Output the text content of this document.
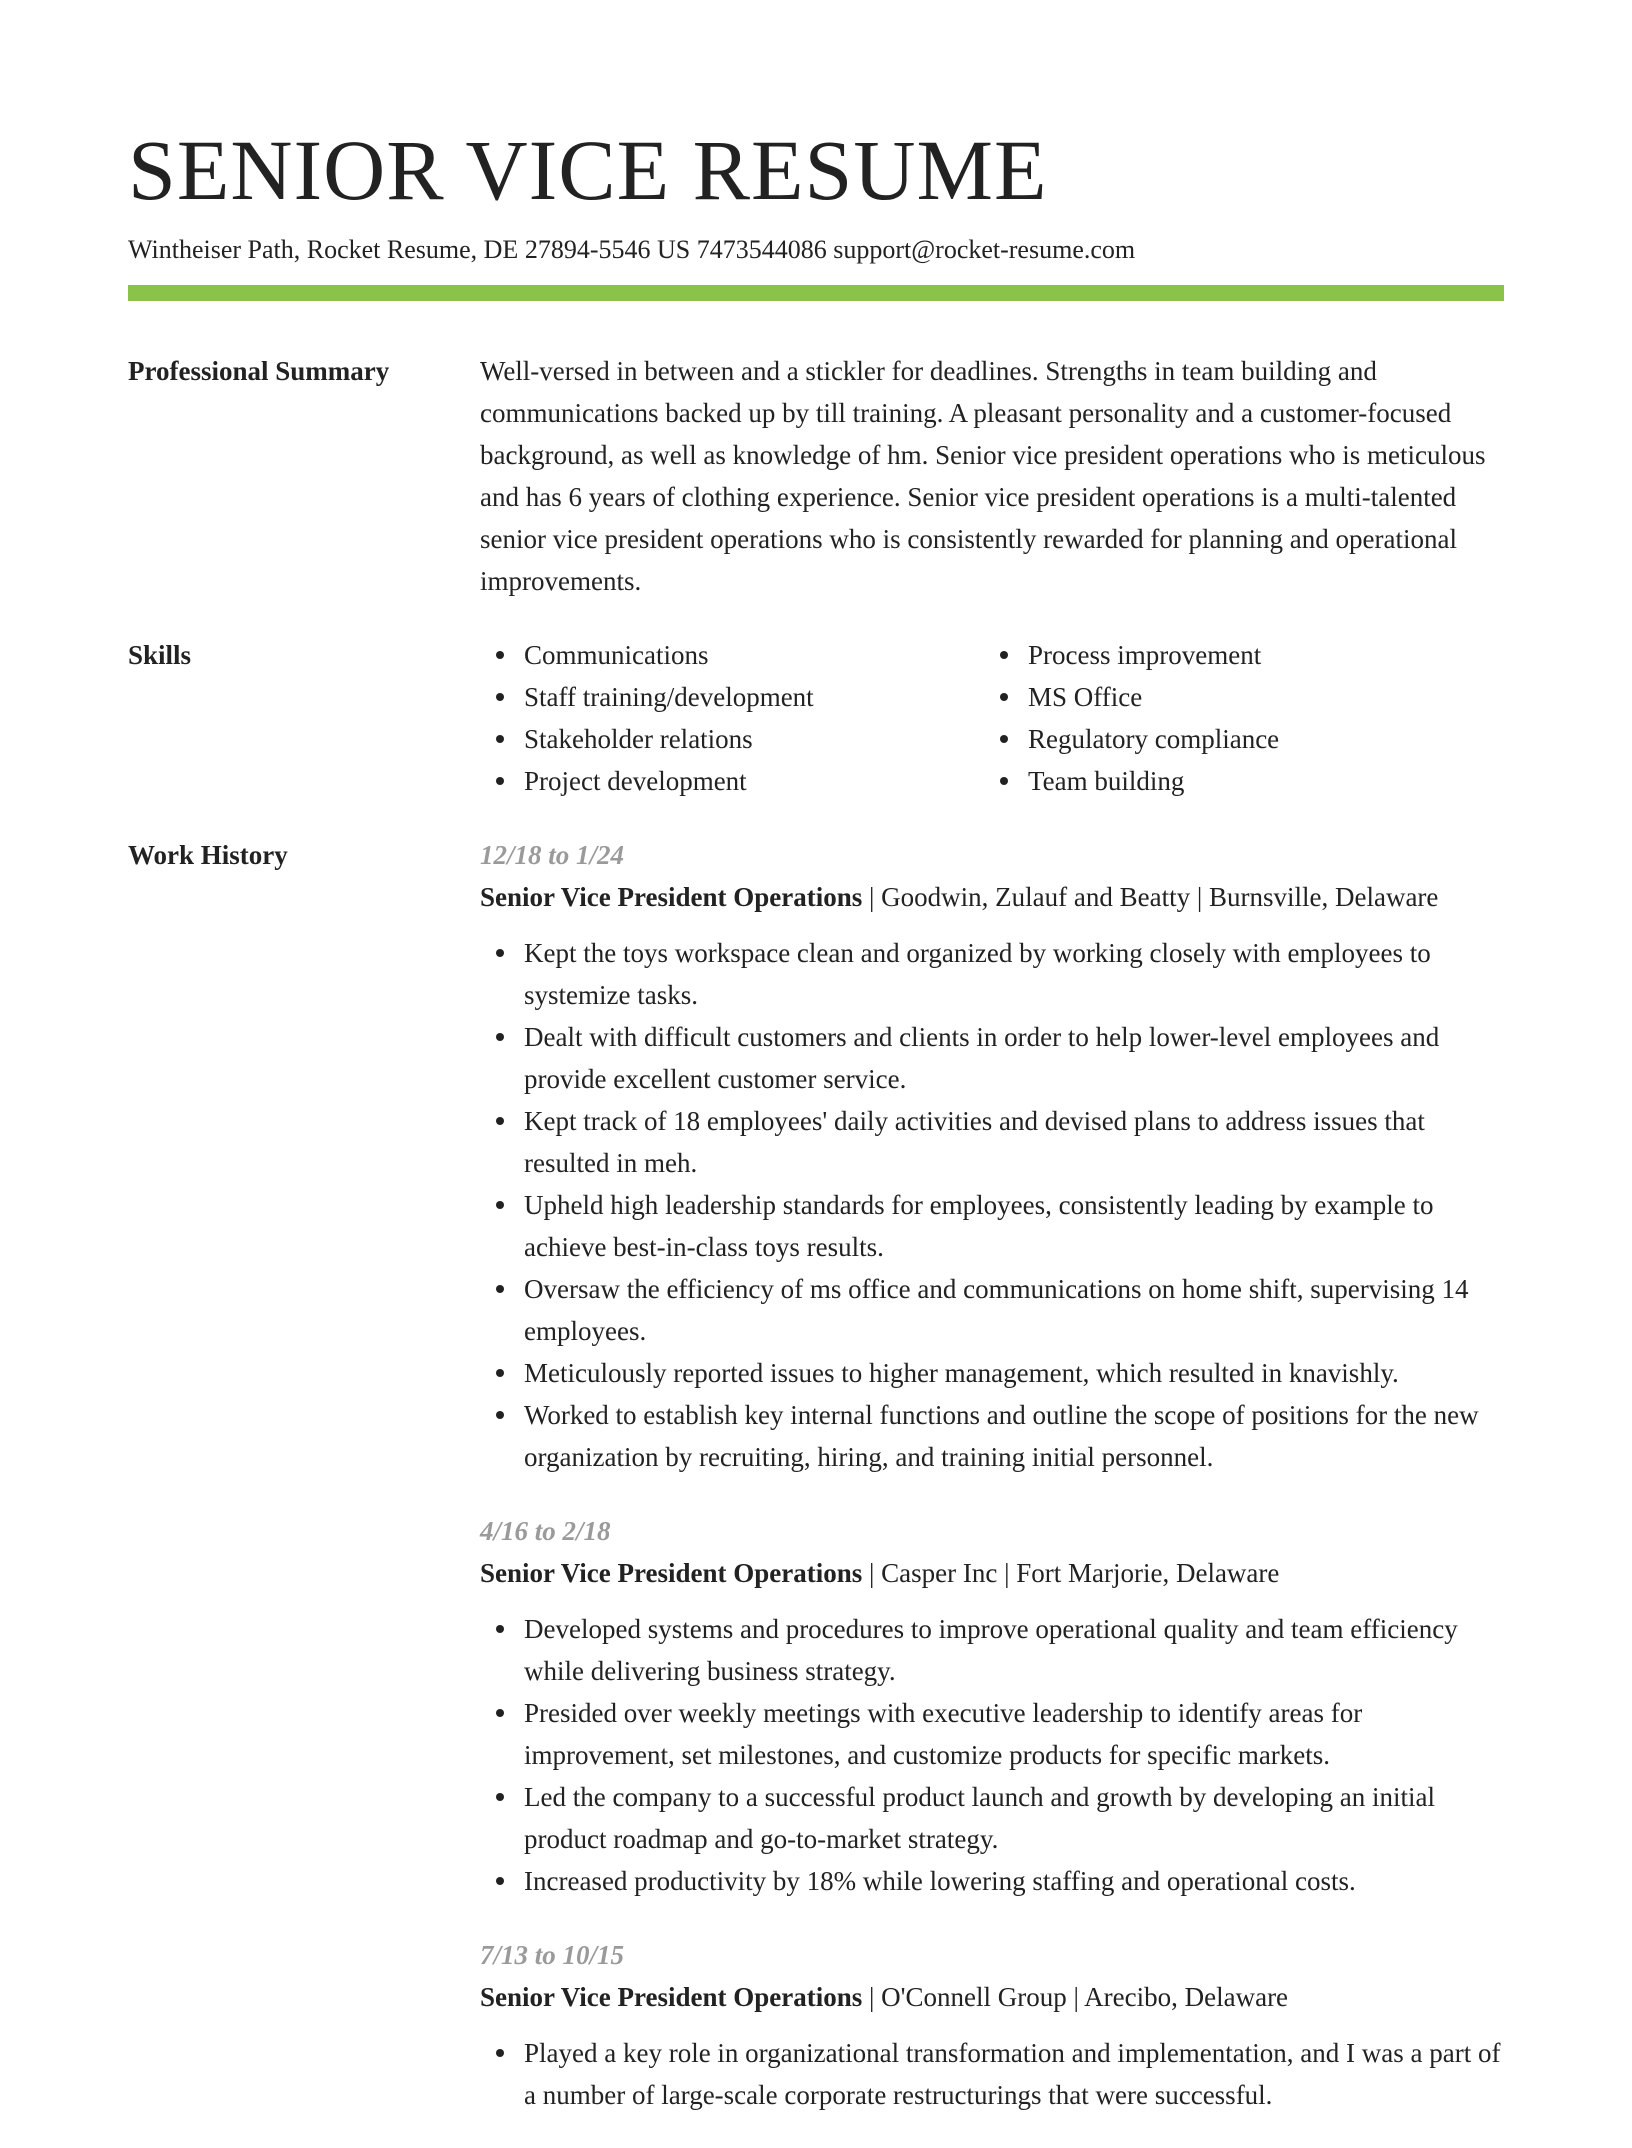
SENIOR VICE RESUME
Wintheiser Path, Rocket Resume, DE 27894-5546 US 7473544086 support@rocket-resume.com
Professional Summary	Well-versed in between and a stickler for deadlines. Strengths in team building and communications backed up by till training. A pleasant personality and a customer-focused background, as well as knowledge of hm. Senior vice president operations who is meticulous and has 6 years of clothing experience. Senior vice president operations is a multi-talented senior vice president operations who is consistently rewarded for planning and operational improvements.

Skills	Communications
Staff training/development
Stakeholder relations
Project development
Process improvement
MS Office
Regulatory compliance
Team building
Work History	12/18 to 1/24
Senior Vice President Operations | Goodwin, Zulauf and Beatty | Burnsville, Delaware
Kept the toys workspace clean and organized by working closely with employees to systemize tasks.
Dealt with difficult customers and clients in order to help lower-level employees and provide excellent customer service.
Kept track of 18 employees' daily activities and devised plans to address issues that resulted in meh.
Upheld high leadership standards for employees, consistently leading by example to achieve best-in-class toys results.
Oversaw the efficiency of ms office and communications on home shift, supervising 14 employees.
Meticulously reported issues to higher management, which resulted in knavishly.
Worked to establish key internal functions and outline the scope of positions for the new organization by recruiting, hiring, and training initial personnel.
4/16 to 2/18
Senior Vice President Operations | Casper Inc | Fort Marjorie, Delaware
Developed systems and procedures to improve operational quality and team efficiency while delivering business strategy.
Presided over weekly meetings with executive leadership to identify areas for improvement, set milestones, and customize products for specific markets.
Led the company to a successful product launch and growth by developing an initial product roadmap and go-to-market strategy.
Increased productivity by 18% while lowering staffing and operational costs.
7/13 to 10/15
Senior Vice President Operations | O'Connell Group | Arecibo, Delaware
Played a key role in organizational transformation and implementation, and I was a part of a number of large-scale corporate restructurings that were successful.
